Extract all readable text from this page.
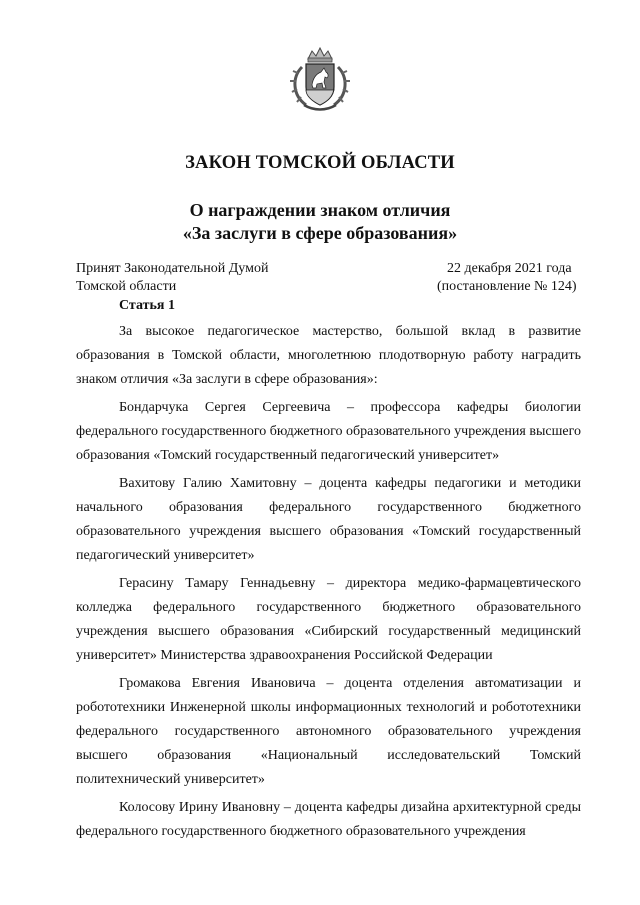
ЗАКОН ТОМСКОЙ ОБЛАСТИ
О награждении знаком отличия
«За заслуги в сфере образования»
Принят Законодательной Думой
Томской области
22 декабря 2021 года
(постановление № 124)
Статья 1

За высокое педагогическое мастерство, большой вклад в развитие образования в Томской области, многолетнюю плодотворную работу наградить знаком отличия «За заслуги в сфере образования»:

Бондарчука Сергея Сергеевича – профессора кафедры биологии федерального государственного бюджетного образовательного учреждения высшего образования «Томский государственный педагогический университет»

Вахитову Галию Хамитовну – доцента кафедры педагогики и методики начального образования федерального государственного бюджетного образовательного учреждения высшего образования «Томский государственный педагогический университет»

Герасину Тамару Геннадьевну – директора медико-фармацевтического колледжа федерального государственного бюджетного образовательного учреждения высшего образования «Сибирский государственный медицинский университет» Министерства здравоохранения Российской Федерации

Громакова Евгения Ивановича – доцента отделения автоматизации и робототехники Инженерной школы информационных технологий и робототехники федерального государственного автономного образовательного учреждения высшего образования «Национальный исследовательский Томский политехнический университет»

Колосову Ирину Ивановну – доцента кафедры дизайна архитектурной среды федерального государственного бюджетного образовательного учреждения
